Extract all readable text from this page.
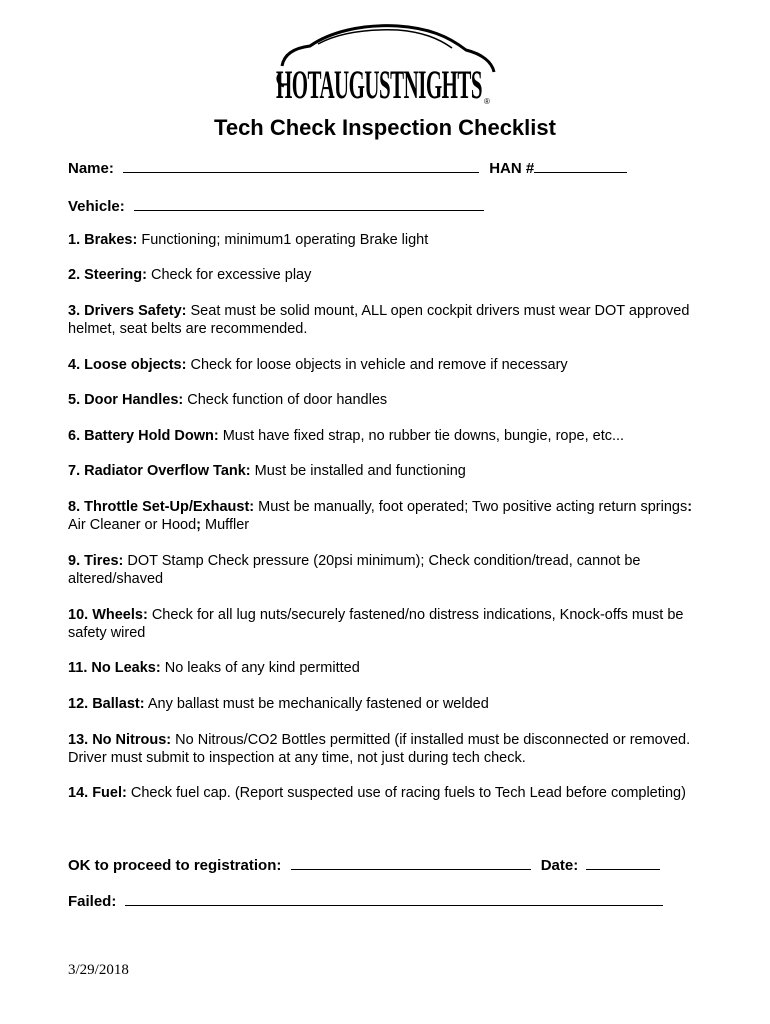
HOTAUGUSTNIGHTS ®
Tech Check Inspection Checklist
Name:	HAN #
Vehicle:
1. Brakes: Functioning; minimum1 operating Brake light
2. Steering: Check for excessive play
3. Drivers Safety: Seat must be solid mount, ALL open cockpit drivers must wear DOT approved helmet, seat belts are recommended.
4. Loose objects: Check for loose objects in vehicle and remove if necessary
5. Door Handles: Check function of door handles
6. Battery Hold Down: Must have fixed strap, no rubber tie downs, bungie, rope, etc...
7. Radiator Overflow Tank: Must be installed and functioning
8. Throttle Set-Up/Exhaust: Must be manually, foot operated; Two positive acting return springs: Air Cleaner or Hood; Muffler
9. Tires: DOT Stamp Check pressure (20psi minimum); Check condition/tread, cannot be altered/shaved
10. Wheels: Check for all lug nuts/securely fastened/no distress indications, Knock-offs must be safety wired
11. No Leaks: No leaks of any kind permitted
12. Ballast: Any ballast must be mechanically fastened or welded
13. No Nitrous: No Nitrous/CO2 Bottles permitted (if installed must be disconnected or removed. Driver must submit to inspection at any time, not just during tech check.
14. Fuel: Check fuel cap. (Report suspected use of racing fuels to Tech Lead before completing)
OK to proceed to registration:	Date:
Failed:
3/29/2018
